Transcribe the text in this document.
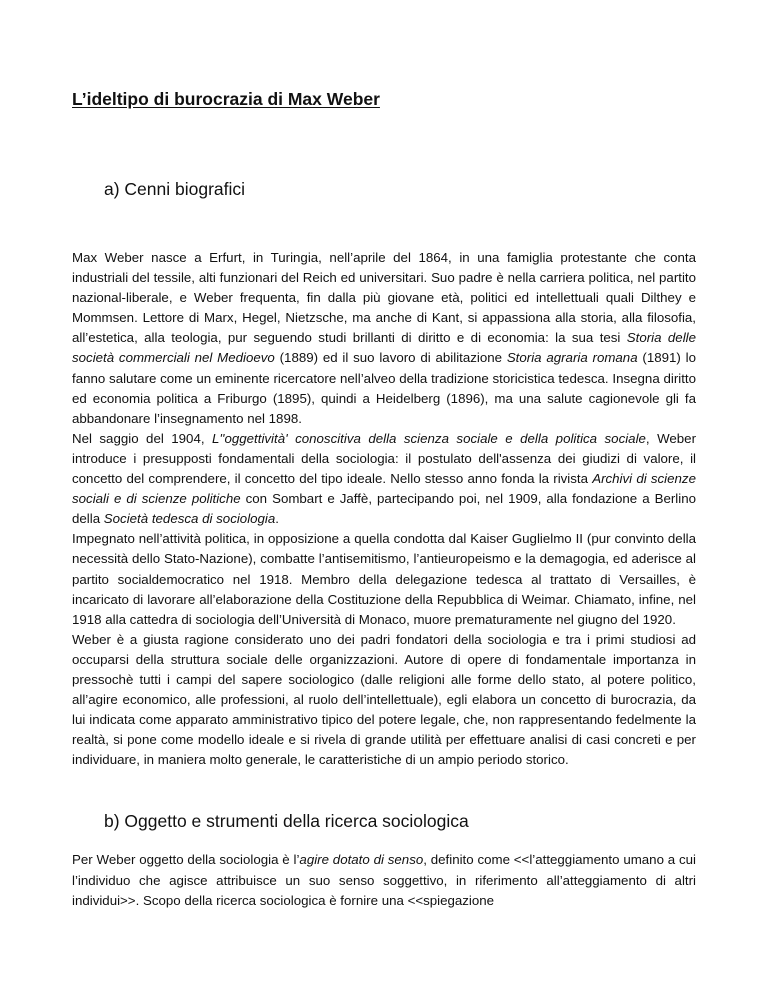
L’ideltipo di burocrazia di Max Weber
a) Cenni biografici

Max Weber nasce a Erfurt, in Turingia, nell’aprile del 1864, in una famiglia protestante che conta industriali del tessile, alti funzionari del Reich ed universitari. Suo padre è nella carriera politica, nel partito nazional-liberale, e Weber frequenta, fin dalla più giovane età, politici ed intellettuali quali Dilthey e Mommsen. Lettore di Marx, Hegel, Nietzsche, ma anche di Kant, si appassiona alla storia, alla filosofia, all’estetica, alla teologia, pur seguendo studi brillanti di diritto e di economia: la sua tesi Storia delle società commerciali nel Medioevo (1889) ed il suo lavoro di abilitazione Storia agraria romana (1891) lo fanno salutare come un eminente ricercatore nell’alveo della tradizione storicistica tedesca. Insegna diritto ed economia politica a Friburgo (1895), quindi a Heidelberg (1896), ma una salute cagionevole gli fa abbandonare l’insegnamento nel 1898.

Nel saggio del 1904, L''oggettività' conoscitiva della scienza sociale e della politica sociale, Weber introduce i presupposti fondamentali della sociologia: il postulato dell'assenza dei giudizi di valore, il concetto del comprendere, il concetto del tipo ideale. Nello stesso anno fonda la rivista Archivi di scienze sociali e di scienze politiche con Sombart e Jaffè, partecipando poi, nel 1909, alla fondazione a Berlino della Società tedesca di sociologia.

Impegnato nell’attività politica, in opposizione a quella condotta dal Kaiser Guglielmo II (pur convinto della necessità dello Stato-Nazione), combatte l’antisemitismo, l’antieuropeismo e la demagogia, ed aderisce al partito socialdemocratico nel 1918. Membro della delegazione tedesca al trattato di Versailles, è incaricato di lavorare all’elaborazione della Costituzione della Repubblica di Weimar. Chiamato, infine, nel 1918 alla cattedra di sociologia dell’Università di Monaco, muore prematuramente nel giugno del 1920.

Weber è a giusta ragione considerato uno dei padri fondatori della sociologia e tra i primi studiosi ad occuparsi della struttura sociale delle organizzazioni. Autore di opere di fondamentale importanza in pressochè tutti i campi del sapere sociologico (dalle religioni alle forme dello stato, al potere politico, all’agire economico, alle professioni, al ruolo dell’intellettuale), egli elabora un concetto di burocrazia, da lui indicata come apparato amministrativo tipico del potere legale, che, non rappresentando fedelmente la realtà, si pone come modello ideale e si rivela di grande utilità per effettuare analisi di casi concreti e per individuare, in maniera molto generale, le caratteristiche di un ampio periodo storico.

b) Oggetto e strumenti della ricerca sociologica

Per Weber oggetto della sociologia è l’agire dotato di senso, definito come <<l’atteggiamento umano a cui l’individuo che agisce attribuisce un suo senso soggettivo, in riferimento all’atteggiamento di altri individui>>. Scopo della ricerca sociologica è fornire una <<spiegazione
